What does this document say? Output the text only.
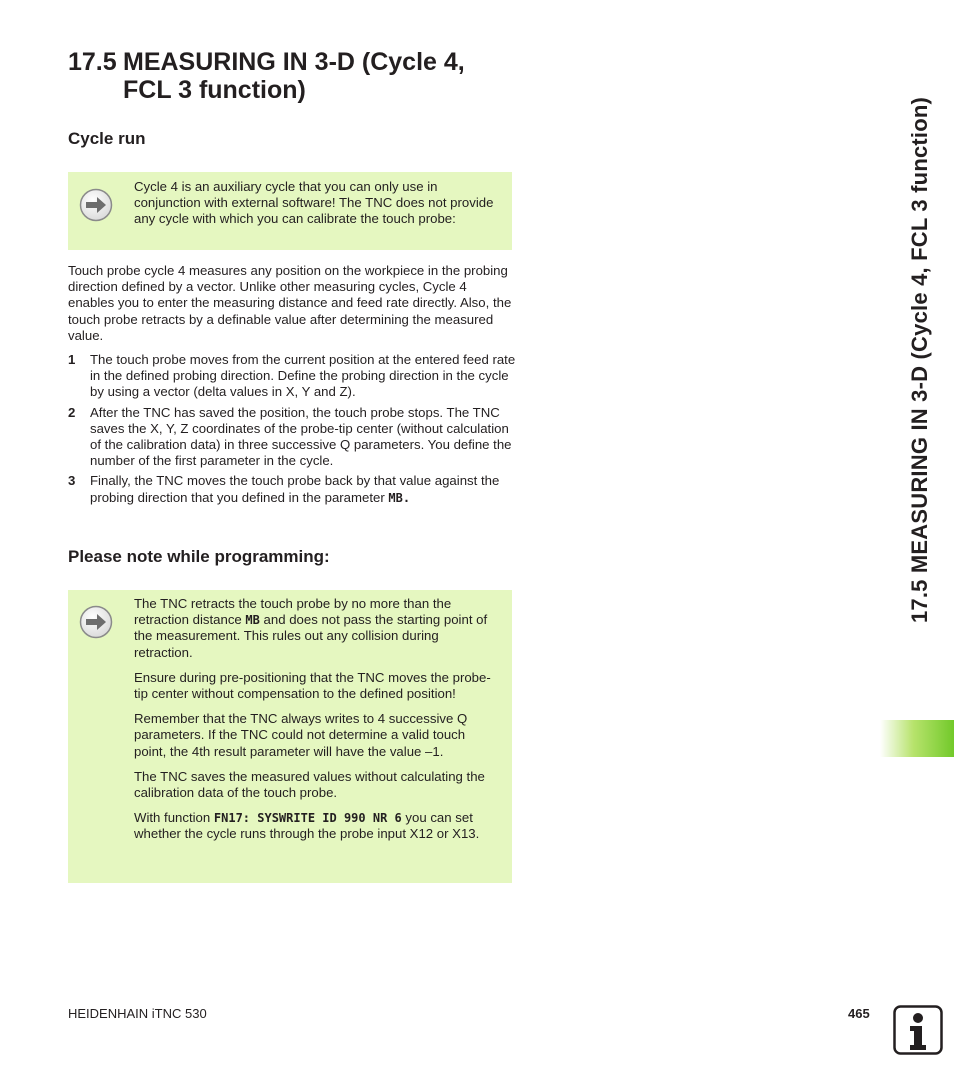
17.5 MEASURING IN 3-D (Cycle 4,
FCL 3 function)
Cycle run

Cycle 4 is an auxiliary cycle that you can only use in conjunction with external software! The TNC does not provide any cycle with which you can calibrate the touch probe:

Touch probe cycle 4 measures any position on the workpiece in the probing direction defined by a vector. Unlike other measuring cycles, Cycle 4 enables you to enter the measuring distance and feed rate directly. Also, the touch probe retracts by a definable value after determining the measured value.

1 The touch probe moves from the current position at the entered feed rate in the defined probing direction. Define the probing direction in the cycle by using a vector (delta values in X, Y and Z).
2 After the TNC has saved the position, the touch probe stops. The TNC saves the X, Y, Z coordinates of the probe-tip center (without calculation of the calibration data) in three successive Q parameters. You define the number of the first parameter in the cycle.
3 Finally, the TNC moves the touch probe back by that value against the probing direction that you defined in the parameter MB.
Please note while programming:

The TNC retracts the touch probe by no more than the retraction distance MB and does not pass the starting point of the measurement. This rules out any collision during retraction.

Ensure during pre-positioning that the TNC moves the probe-tip center without compensation to the defined position!

Remember that the TNC always writes to 4 successive Q parameters. If the TNC could not determine a valid touch point, the 4th result parameter will have the value –1.

The TNC saves the measured values without calculating the calibration data of the touch probe.

With function FN17: SYSWRITE ID 990 NR 6 you can set whether the cycle runs through the probe input X12 or X13.

17.5 MEASURING IN 3-D (Cycle 4, FCL 3 function)
HEIDENHAIN iTNC 530	465
